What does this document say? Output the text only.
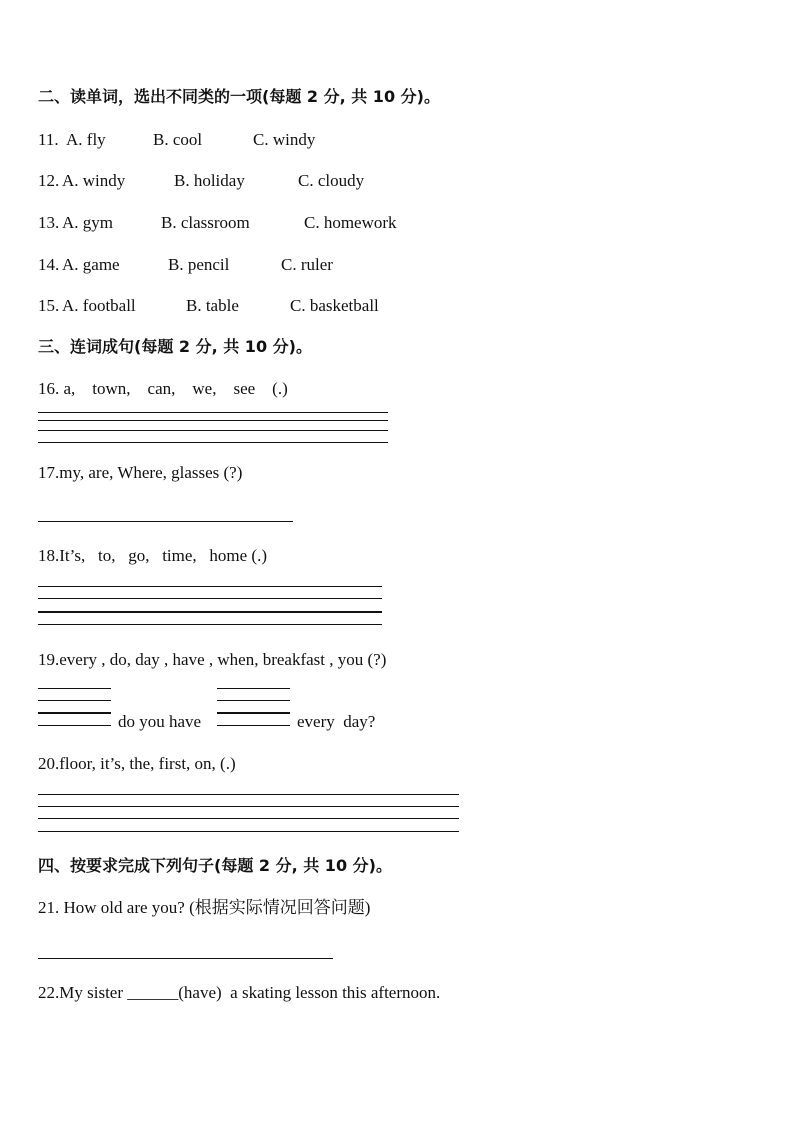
二、读单词，选出不同类的一项(每题 2 分, 共 10 分)。
11. A. fly	B. cool	C. windy
12. A. windy	B. holiday	C. cloudy
13. A. gym	B. classroom	C. homework
14. A. game	B. pencil	C. ruler
15. A. football	B. table	C. basketball
三、连词成句(每题 2 分, 共 10 分)。
16. a,    town,    can,    we,    see    (.)
17.my, are, Where, glasses (?)
18.It’s,   to,   go,   time,   home (.)
19.every , do, day , have , when, breakfast , you (?)
do you have	every  day?
20.floor, it’s, the, first, on, (.)
四、按要求完成下列句子(每题 2 分, 共 10 分)。
21. How old are you? (根据实际情况回答问题)
22.My sister ______(have)  a skating lesson this afternoon.
